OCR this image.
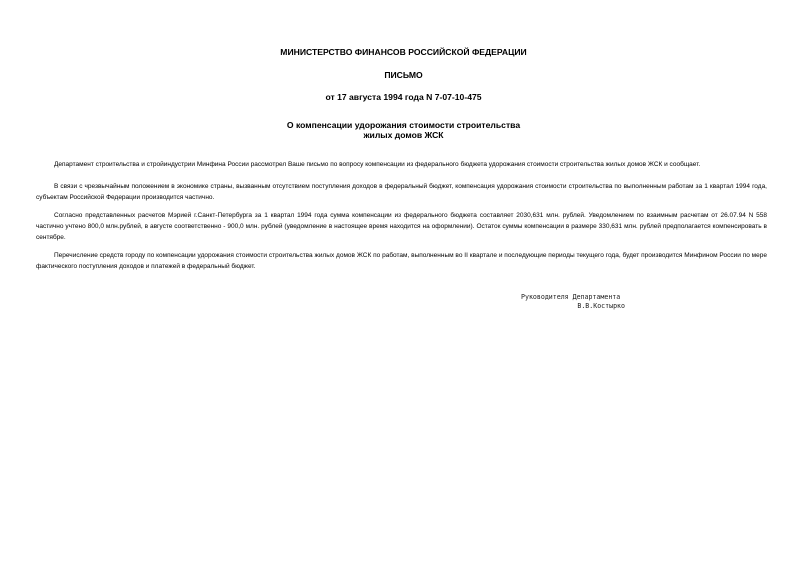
МИНИСТЕРСТВО ФИНАНСОВ РОССИЙСКОЙ ФЕДЕРАЦИИ
ПИСЬМО
от 17 августа 1994 года N 7-07-10-475
О компенсации удорожания стоимости строительства
жилых домов ЖСК
Департамент строительства и стройиндустрии Минфина России рассмотрел Ваше письмо по вопросу компенсации из федерального бюджета удорожания стоимости строительства жилых домов ЖСК и сообщает.
В связи с чрезвычайным положением в экономике страны, вызванным отсутствием поступления доходов в федеральный бюджет, компенсация удорожания стоимости строительства по выполненным работам за 1 квартал 1994 года, субъектам Российской Федерации производится частично.
Согласно представленных расчетов Мэрией г.Санкт-Петербурга за 1 квартал 1994 года сумма компенсации из федерального бюджета составляет 2030,631 млн. рублей. Уведомлением по взаимным расчетам от 26.07.94 N 558 частично учтено 800,0 млн.рублей, в августе соответственно - 900,0 млн. рублей (уведомление в настоящее время находится на оформлении). Остаток суммы компенсации в размере 330,631 млн. рублей предполагается компенсировать в сентябре.
Перечисление средств городу по компенсации удорожания стоимости строительства жилых домов ЖСК по работам, выполненным во II квартале и последующие периоды текущего года, будет производится Минфином России по мере фактического поступления доходов и платежей в федеральный бюджет.
Руководителя Департамента
В.В.Костырко
